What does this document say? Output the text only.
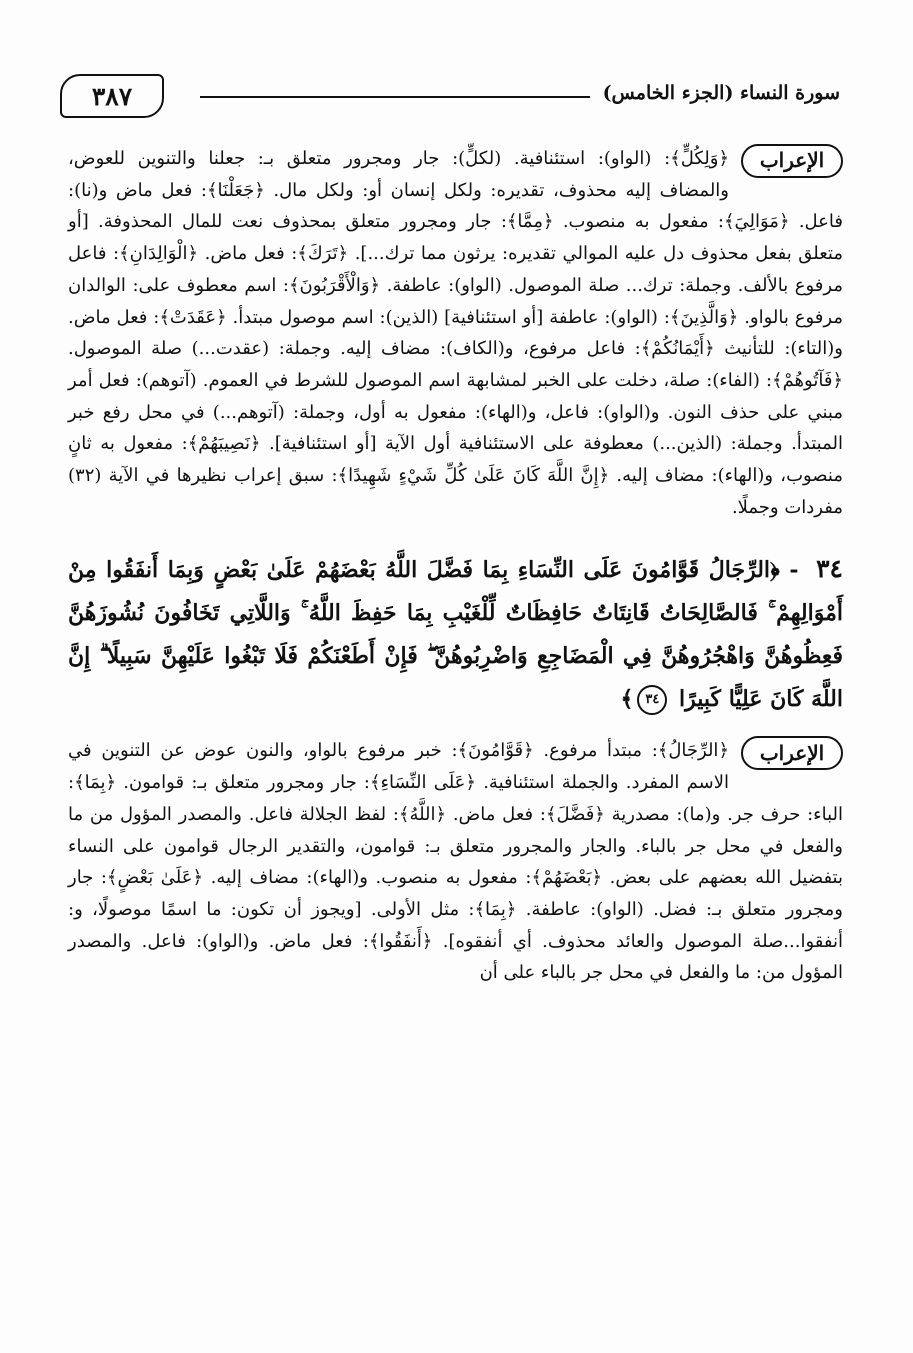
٣٨٧	سورة النساء (الجزء الخامس)

الإعراب
﴿وَلِكُلٍّ﴾: (الواو): استئنافية. (لكلٍّ): جار ومجرور متعلق بـ: جعلنا والتنوين للعوض، والمضاف إليه محذوف، تقديره: ولكل إنسان أو: ولكل مال. ﴿جَعَلْنَا﴾: فعل ماض و(نا): فاعل. ﴿مَوَالِيَ﴾: مفعول به منصوب. ﴿مِمَّا﴾: جار ومجرور متعلق بمحذوف نعت للمال المحذوفة. [أو متعلق بفعل محذوف دل عليه الموالي تقديره: يرثون مما ترك...]. ﴿تَرَكَ﴾: فعل ماض. ﴿الْوَالِدَانِ﴾: فاعل مرفوع بالألف. وجملة: ترك... صلة الموصول. (الواو): عاطفة. ﴿وَالْأَقْرَبُونَ﴾: اسم معطوف على: الوالدان مرفوع بالواو. ﴿وَالَّذِينَ﴾: (الواو): عاطفة [أو استئنافية] (الذين): اسم موصول مبتدأ. ﴿عَقَدَتْ﴾: فعل ماض. و(التاء): للتأنيث ﴿أَيْمَانُكُمْ﴾: فاعل مرفوع، و(الكاف): مضاف إليه. وجملة: (عقدت...) صلة الموصول. ﴿فَآتُوهُمْ﴾: (الفاء): صلة، دخلت على الخبر لمشابهة اسم الموصول للشرط في العموم. (آتوهم): فعل أمر مبني على حذف النون. و(الواو): فاعل، و(الهاء): مفعول به أول، وجملة: (آتوهم...) في محل رفع خبر المبتدأ. وجملة: (الذين...) معطوفة على الاستئنافية أول الآية [أو استئنافية]. ﴿نَصِيبَهُمْ﴾: مفعول به ثانٍ منصوب، و(الهاء): مضاف إليه. ﴿إِنَّ اللَّهَ كَانَ عَلَىٰ كُلِّ شَيْءٍ شَهِيدًا﴾: سبق إعراب نظيرها في الآية (٣٢) مفردات وجملًا.

٣٤ - ﴿الرِّجَالُ قَوَّامُونَ عَلَى النِّسَاءِ بِمَا فَضَّلَ اللَّهُ بَعْضَهُمْ عَلَىٰ بَعْضٍ وَبِمَا أَنفَقُوا مِنْ أَمْوَالِهِمْ ۚ فَالصَّالِحَاتُ قَانِتَاتٌ حَافِظَاتٌ لِّلْغَيْبِ بِمَا حَفِظَ اللَّهُ ۚ وَاللَّاتِي تَخَافُونَ نُشُوزَهُنَّ فَعِظُوهُنَّ وَاهْجُرُوهُنَّ فِي الْمَضَاجِعِ وَاضْرِبُوهُنَّ ۖ فَإِنْ أَطَعْنَكُمْ فَلَا تَبْغُوا عَلَيْهِنَّ سَبِيلًا ۗ إِنَّ اللَّهَ كَانَ عَلِيًّا كَبِيرًا ٣٤﴾

الإعراب
﴿الرِّجَالُ﴾: مبتدأ مرفوع. ﴿قَوَّامُونَ﴾: خبر مرفوع بالواو، والنون عوض عن التنوين في الاسم المفرد. والجملة استئنافية. ﴿عَلَى النِّسَاءِ﴾: جار ومجرور متعلق بـ: قوامون. ﴿بِمَا﴾: الباء: حرف جر. و(ما): مصدرية ﴿فَضَّلَ﴾: فعل ماض. ﴿اللَّهُ﴾: لفظ الجلالة فاعل. والمصدر المؤول من ما والفعل في محل جر بالباء. والجار والمجرور متعلق بـ: قوامون، والتقدير الرجال قوامون على النساء بتفضيل الله بعضهم على بعض. ﴿بَعْضَهُمْ﴾: مفعول به منصوب. و(الهاء): مضاف إليه. ﴿عَلَىٰ بَعْضٍ﴾: جار ومجرور متعلق بـ: فضل. (الواو): عاطفة. ﴿بِمَا﴾: مثل الأولى. [ويجوز أن تكون: ما اسمًا موصولًا، و: أنفقوا...صلة الموصول والعائد محذوف. أي أنفقوه]. ﴿أَنفَقُوا﴾: فعل ماض. و(الواو): فاعل. والمصدر المؤول من: ما والفعل في محل جر بالباء على أن
